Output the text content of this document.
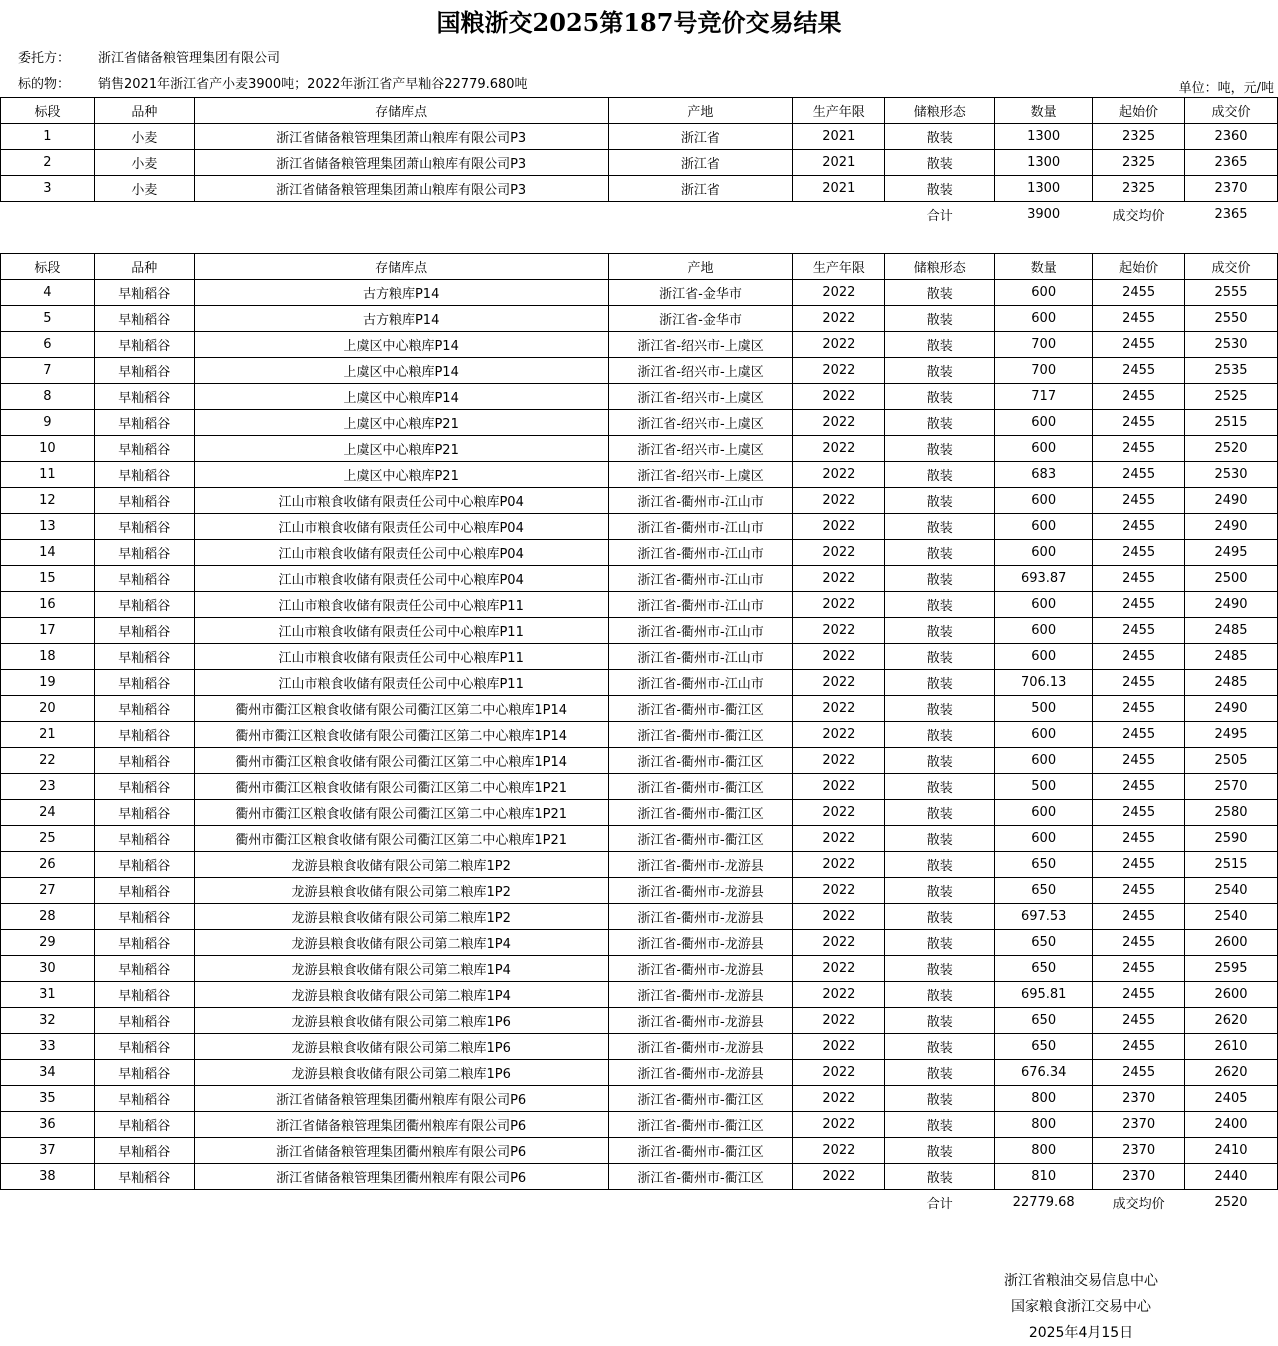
国粮浙交2025第187号竞价交易结果
委托方： 浙江省储备粮管理集团有限公司
标的物： 销售2021年浙江省产小麦3900吨；2022年浙江省产早籼谷22779.680吨	单位：吨，元/吨
标段	品种	存储库点	产地	生产年限	储粮形态	数量	起始价	成交价
1	小麦	浙江省储备粮管理集团萧山粮库有限公司P3	浙江省	2021	散装	1300	2325	2360
2	小麦	浙江省储备粮管理集团萧山粮库有限公司P3	浙江省	2021	散装	1300	2325	2365
3	小麦	浙江省储备粮管理集团萧山粮库有限公司P3	浙江省	2021	散装	1300	2325	2370
					合计	3900	成交均价	2365
标段	品种	存储库点	产地	生产年限	储粮形态	数量	起始价	成交价
4	早籼稻谷	古方粮库P14	浙江省-金华市	2022	散装	600	2455	2555
5	早籼稻谷	古方粮库P14	浙江省-金华市	2022	散装	600	2455	2550
6	早籼稻谷	上虞区中心粮库P14	浙江省-绍兴市-上虞区	2022	散装	700	2455	2530
7	早籼稻谷	上虞区中心粮库P14	浙江省-绍兴市-上虞区	2022	散装	700	2455	2535
8	早籼稻谷	上虞区中心粮库P14	浙江省-绍兴市-上虞区	2022	散装	717	2455	2525
9	早籼稻谷	上虞区中心粮库P21	浙江省-绍兴市-上虞区	2022	散装	600	2455	2515
10	早籼稻谷	上虞区中心粮库P21	浙江省-绍兴市-上虞区	2022	散装	600	2455	2520
11	早籼稻谷	上虞区中心粮库P21	浙江省-绍兴市-上虞区	2022	散装	683	2455	2530
12	早籼稻谷	江山市粮食收储有限责任公司中心粮库P04	浙江省-衢州市-江山市	2022	散装	600	2455	2490
13	早籼稻谷	江山市粮食收储有限责任公司中心粮库P04	浙江省-衢州市-江山市	2022	散装	600	2455	2490
14	早籼稻谷	江山市粮食收储有限责任公司中心粮库P04	浙江省-衢州市-江山市	2022	散装	600	2455	2495
15	早籼稻谷	江山市粮食收储有限责任公司中心粮库P04	浙江省-衢州市-江山市	2022	散装	693.87	2455	2500
16	早籼稻谷	江山市粮食收储有限责任公司中心粮库P11	浙江省-衢州市-江山市	2022	散装	600	2455	2490
17	早籼稻谷	江山市粮食收储有限责任公司中心粮库P11	浙江省-衢州市-江山市	2022	散装	600	2455	2485
18	早籼稻谷	江山市粮食收储有限责任公司中心粮库P11	浙江省-衢州市-江山市	2022	散装	600	2455	2485
19	早籼稻谷	江山市粮食收储有限责任公司中心粮库P11	浙江省-衢州市-江山市	2022	散装	706.13	2455	2485
20	早籼稻谷	衢州市衢江区粮食收储有限公司衢江区第二中心粮库1P14	浙江省-衢州市-衢江区	2022	散装	500	2455	2490
21	早籼稻谷	衢州市衢江区粮食收储有限公司衢江区第二中心粮库1P14	浙江省-衢州市-衢江区	2022	散装	600	2455	2495
22	早籼稻谷	衢州市衢江区粮食收储有限公司衢江区第二中心粮库1P14	浙江省-衢州市-衢江区	2022	散装	600	2455	2505
23	早籼稻谷	衢州市衢江区粮食收储有限公司衢江区第二中心粮库1P21	浙江省-衢州市-衢江区	2022	散装	500	2455	2570
24	早籼稻谷	衢州市衢江区粮食收储有限公司衢江区第二中心粮库1P21	浙江省-衢州市-衢江区	2022	散装	600	2455	2580
25	早籼稻谷	衢州市衢江区粮食收储有限公司衢江区第二中心粮库1P21	浙江省-衢州市-衢江区	2022	散装	600	2455	2590
26	早籼稻谷	龙游县粮食收储有限公司第二粮库1P2	浙江省-衢州市-龙游县	2022	散装	650	2455	2515
27	早籼稻谷	龙游县粮食收储有限公司第二粮库1P2	浙江省-衢州市-龙游县	2022	散装	650	2455	2540
28	早籼稻谷	龙游县粮食收储有限公司第二粮库1P2	浙江省-衢州市-龙游县	2022	散装	697.53	2455	2540
29	早籼稻谷	龙游县粮食收储有限公司第二粮库1P4	浙江省-衢州市-龙游县	2022	散装	650	2455	2600
30	早籼稻谷	龙游县粮食收储有限公司第二粮库1P4	浙江省-衢州市-龙游县	2022	散装	650	2455	2595
31	早籼稻谷	龙游县粮食收储有限公司第二粮库1P4	浙江省-衢州市-龙游县	2022	散装	695.81	2455	2600
32	早籼稻谷	龙游县粮食收储有限公司第二粮库1P6	浙江省-衢州市-龙游县	2022	散装	650	2455	2620
33	早籼稻谷	龙游县粮食收储有限公司第二粮库1P6	浙江省-衢州市-龙游县	2022	散装	650	2455	2610
34	早籼稻谷	龙游县粮食收储有限公司第二粮库1P6	浙江省-衢州市-龙游县	2022	散装	676.34	2455	2620
35	早籼稻谷	浙江省储备粮管理集团衢州粮库有限公司P6	浙江省-衢州市-衢江区	2022	散装	800	2370	2405
36	早籼稻谷	浙江省储备粮管理集团衢州粮库有限公司P6	浙江省-衢州市-衢江区	2022	散装	800	2370	2400
37	早籼稻谷	浙江省储备粮管理集团衢州粮库有限公司P6	浙江省-衢州市-衢江区	2022	散装	800	2370	2410
38	早籼稻谷	浙江省储备粮管理集团衢州粮库有限公司P6	浙江省-衢州市-衢江区	2022	散装	810	2370	2440
					合计	22779.68	成交均价	2520
浙江省粮油交易信息中心
国家粮食浙江交易中心
2025年4月15日
